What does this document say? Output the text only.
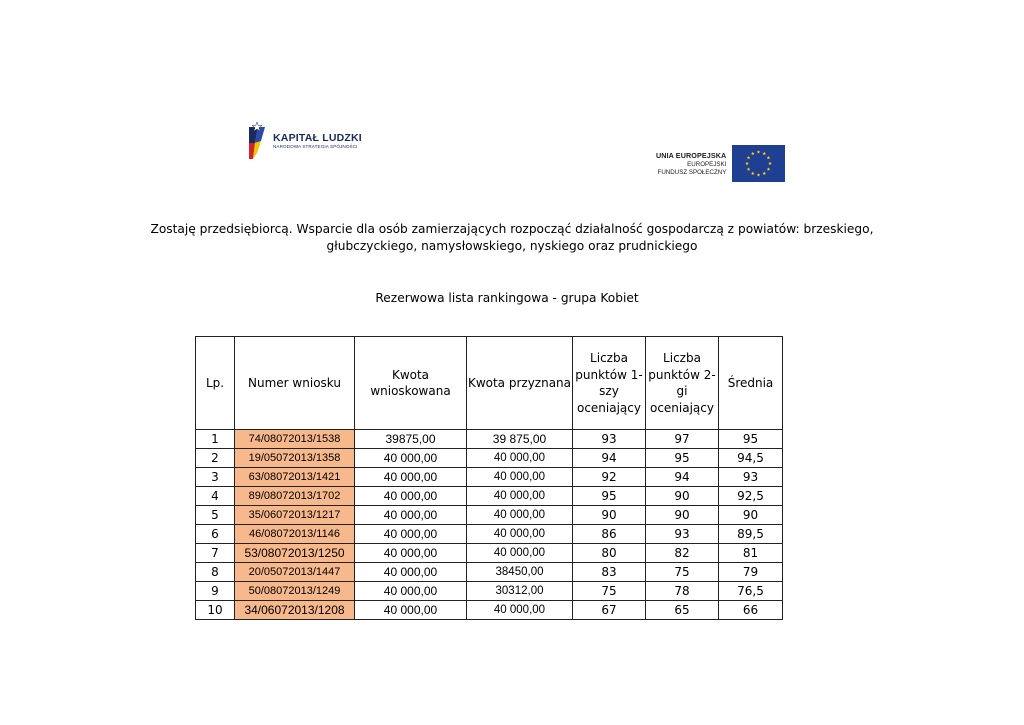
KAPITAŁ LUDZKI
NARODOWA STRATEGIA SPÓJNOŚCI
UNIA EUROPEJSKA
EUROPEJSKI
FUNDUSZ SPOŁECZNY
Zostaję przedsiębiorcą. Wsparcie dla osób zamierzających rozpocząć działalność gospodarczą z powiatów: brzeskiego, głubczyckiego, namysłowskiego, nyskiego oraz prudnickiego
Rezerwowa lista rankingowa - grupa Kobiet
Lp.	Numer wniosku	Kwota wnioskowana	Kwota przyznana	Liczba punktów 1-szy oceniający	Liczba punktów 2-gi oceniający	Średnia
1	74/08072013/1538	39875,00	39 875,00	93	97	95
2	19/05072013/1358	40 000,00	40 000,00	94	95	94,5
3	63/08072013/1421	40 000,00	40 000,00	92	94	93
4	89/08072013/1702	40 000,00	40 000,00	95	90	92,5
5	35/06072013/1217	40 000,00	40 000,00	90	90	90
6	46/08072013/1146	40 000,00	40 000,00	86	93	89,5
7	53/08072013/1250	40 000,00	40 000,00	80	82	81
8	20/05072013/1447	40 000,00	38450,00	83	75	79
9	50/08072013/1249	40 000,00	30312,00	75	78	76,5
10	34/06072013/1208	40 000,00	40 000,00	67	65	66
